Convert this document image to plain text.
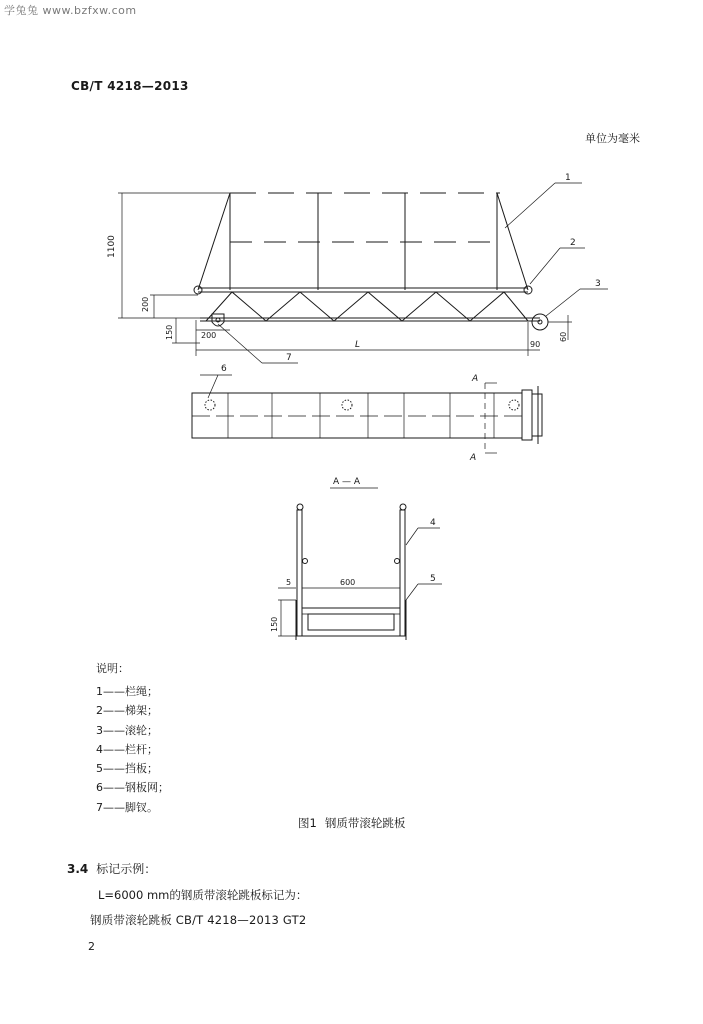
学兔兔 www.bzfxw.com
CB/T 4218—2013
单位为毫米
1100
200
150	200
L	90
60
1
2
3
7
A
A
6
A — A
600
5
150
4
5
说明：
1——栏绳；
2——梯架；
3——滚轮；
4——栏杆；
5——挡板；
6——钢板网；
7——脚钗。
图1 钢质带滚轮跳板
3.4 标记示例：
L=6000 mm的钢质带滚轮跳板标记为：
钢质带滚轮跳板 CB/T 4218—2013 GT2
2
